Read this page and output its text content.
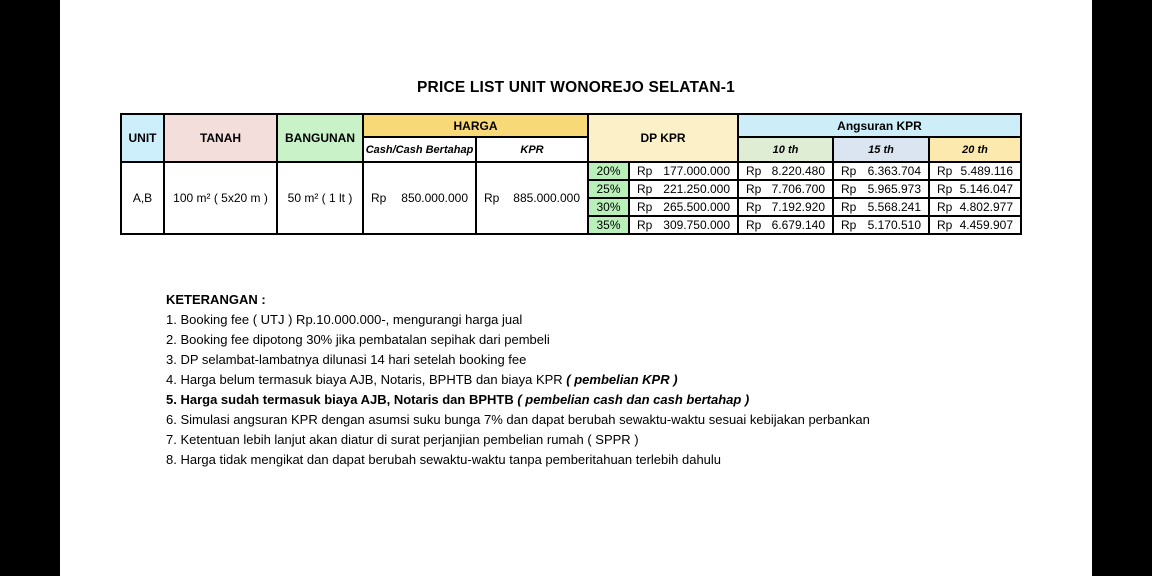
PRICE LIST UNIT WONOREJO SELATAN-1
UNIT	TANAH	BANGUNAN	HARGA		DP KPR		Angsuran KPR		
			Cash/Cash Bertahap	KPR			10 th	15 th	20 th
A,B	100 m² ( 5x20 m )	50 m² ( 1 lt )	Rp 850.000.000	Rp 885.000.000	20%	Rp 177.000.000	Rp 8.220.480	Rp 6.363.704	Rp 5.489.116

					25%	Rp 221.250.000	Rp 7.706.700	Rp 5.965.973	Rp 5.146.047

					30%	Rp 265.500.000	Rp 7.192.920	Rp 5.568.241	Rp 4.802.977

					35%	Rp 309.750.000	Rp 6.679.140	Rp 5.170.510	Rp 4.459.907
KETERANGAN :
1. Booking fee ( UTJ ) Rp.10.000.000-, mengurangi harga jual
2. Booking fee dipotong 30% jika pembatalan sepihak dari pembeli
3. DP selambat-lambatnya dilunasi 14 hari setelah booking fee
4. Harga belum termasuk biaya AJB, Notaris, BPHTB dan biaya KPR ( pembelian KPR )
5. Harga sudah termasuk biaya AJB, Notaris dan BPHTB ( pembelian cash dan cash bertahap )
6. Simulasi angsuran KPR dengan asumsi suku bunga 7% dan dapat berubah sewaktu-waktu sesuai kebijakan perbankan
7. Ketentuan lebih lanjut akan diatur di surat perjanjian pembelian rumah ( SPPR )
8. Harga tidak mengikat dan dapat berubah sewaktu-waktu tanpa pemberitahuan terlebih dahulu
